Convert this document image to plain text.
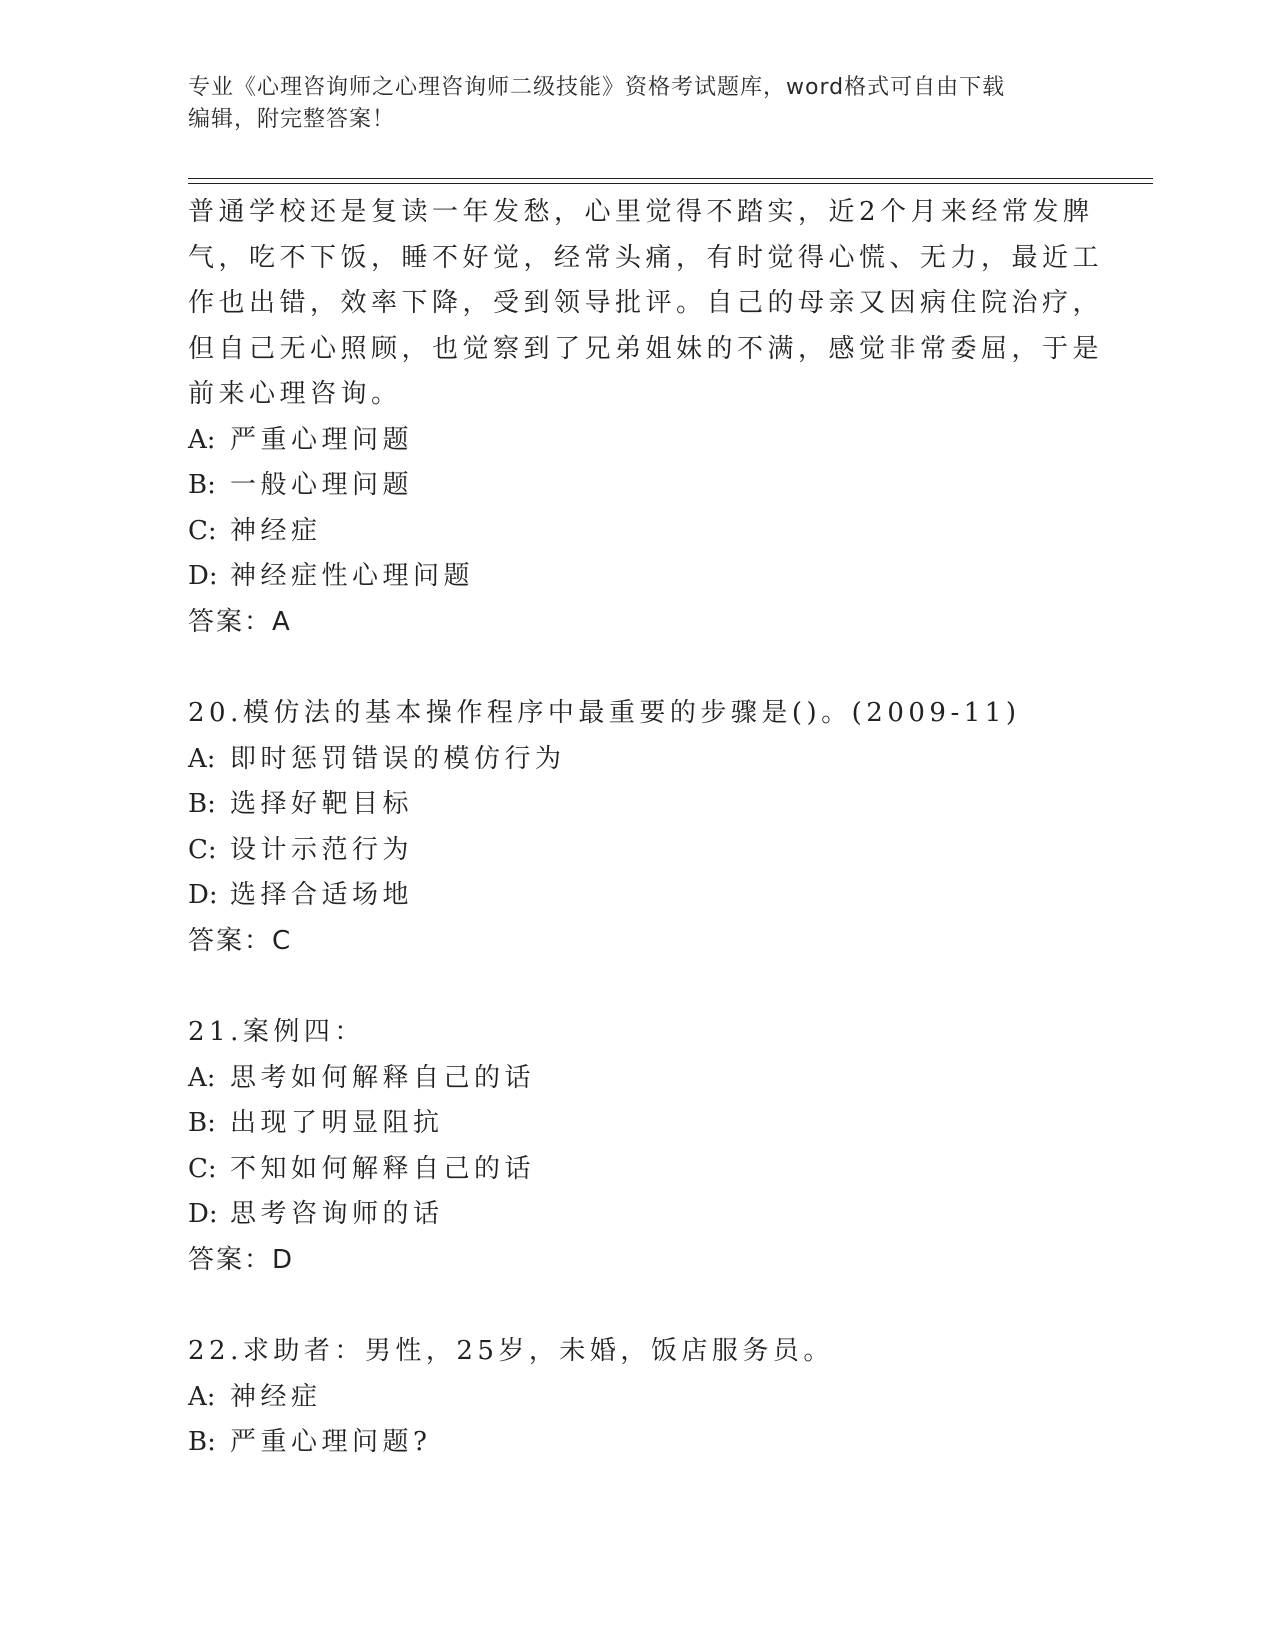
专业《心理咨询师之心理咨询师二级技能》资格考试题库，word格式可自由下载
编辑，附完整答案！
普通学校还是复读一年发愁，心里觉得不踏实，近2个月来经常发脾
气，吃不下饭，睡不好觉，经常头痛，有时觉得心慌、无力，最近工
作也出错，效率下降，受到领导批评。自己的母亲又因病住院治疗，
但自己无心照顾，也觉察到了兄弟姐妹的不满，感觉非常委屈，于是
前来心理咨询。
A: 严重心理问题
B: 一般心理问题
C: 神经症
D: 神经症性心理问题
答案：A
20.模仿法的基本操作程序中最重要的步骤是()。(2009-11)
A: 即时惩罚错误的模仿行为
B: 选择好靶目标
C: 设计示范行为
D: 选择合适场地
答案：C
21.案例四：
A: 思考如何解释自己的话
B: 出现了明显阻抗
C: 不知如何解释自己的话
D: 思考咨询师的话
答案：D
22.求助者：男性，25岁，未婚，饭店服务员。
A: 神经症
B: 严重心理问题?
